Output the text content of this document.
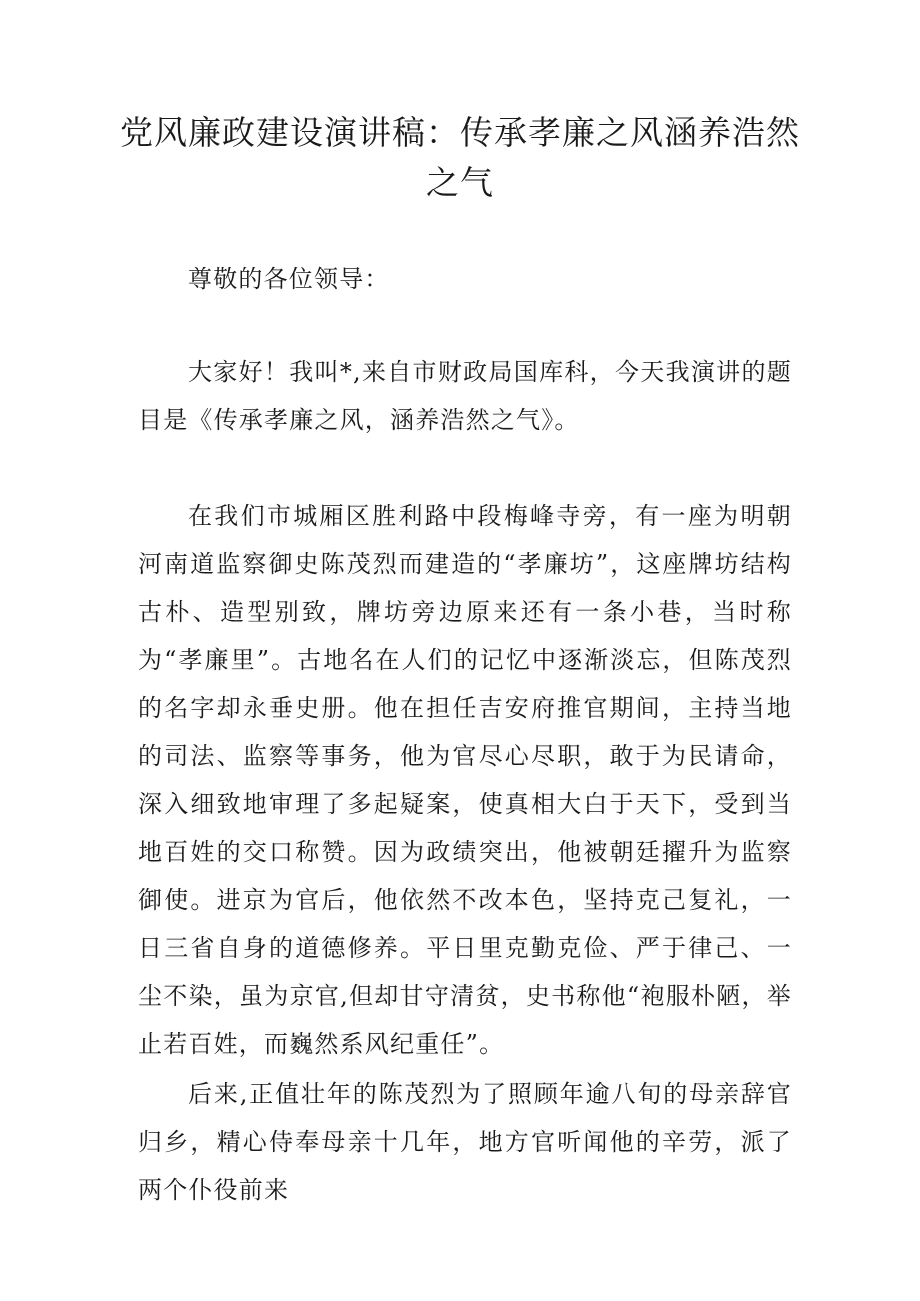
党风廉政建设演讲稿：传承孝廉之风涵养浩然之气

尊敬的各位领导：

大家好！我叫*,来自市财政局国库科，今天我演讲的题目是《传承孝廉之风，涵养浩然之气》。

在我们市城厢区胜利路中段梅峰寺旁，有一座为明朝河南道监察御史陈茂烈而建造的“孝廉坊”，这座牌坊结构古朴、造型别致，牌坊旁边原来还有一条小巷，当时称为“孝廉里”。古地名在人们的记忆中逐渐淡忘，但陈茂烈的名字却永垂史册。他在担任吉安府推官期间，主持当地的司法、监察等事务，他为官尽心尽职，敢于为民请命，深入细致地审理了多起疑案，使真相大白于天下，受到当地百姓的交口称赞。因为政绩突出，他被朝廷擢升为监察御使。进京为官后，他依然不改本色，坚持克己复礼，一日三省自身的道德修养。平日里克勤克俭、严于律己、一尘不染，虽为京官,但却甘守清贫，史书称他“袍服朴陋，举止若百姓，而巍然系风纪重任”。

后来,正值壮年的陈茂烈为了照顾年逾八旬的母亲辞官归乡，精心侍奉母亲十几年，地方官听闻他的辛劳，派了两个仆役前来
